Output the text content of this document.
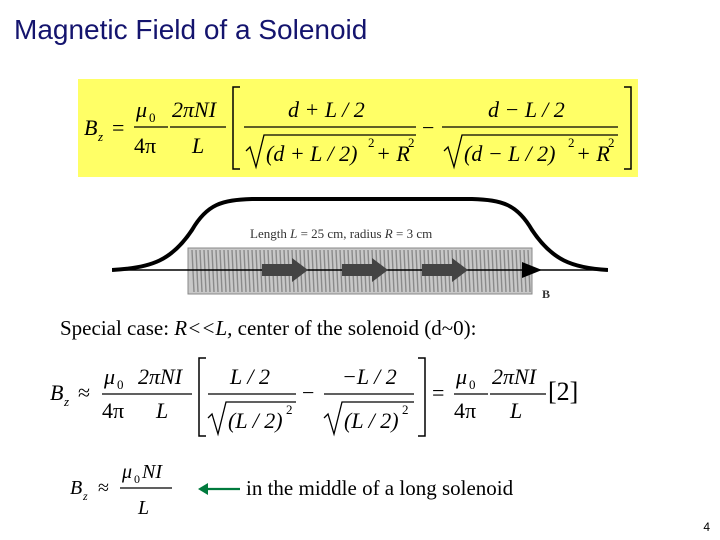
Magnetic Field of a Solenoid
B z =
μ 0
4π
2πNI
L
d + L / 2
(d + L / 2) 2 + R
2
−
d − L / 2
(d − L / 2) 2 + R
2
Length L = 25 cm, radius R = 3 cm
B
Special case: R<<L, center of the solenoid (d~0):
B z ≈
μ 0
4π
2πNI
L
L / 2
(L / 2) 2
−
−L / 2
(L / 2) 2
=
μ 0
4π
2πNI
L
[2]
B z ≈
μ 0 NI
L
in the middle of a long solenoid
4
